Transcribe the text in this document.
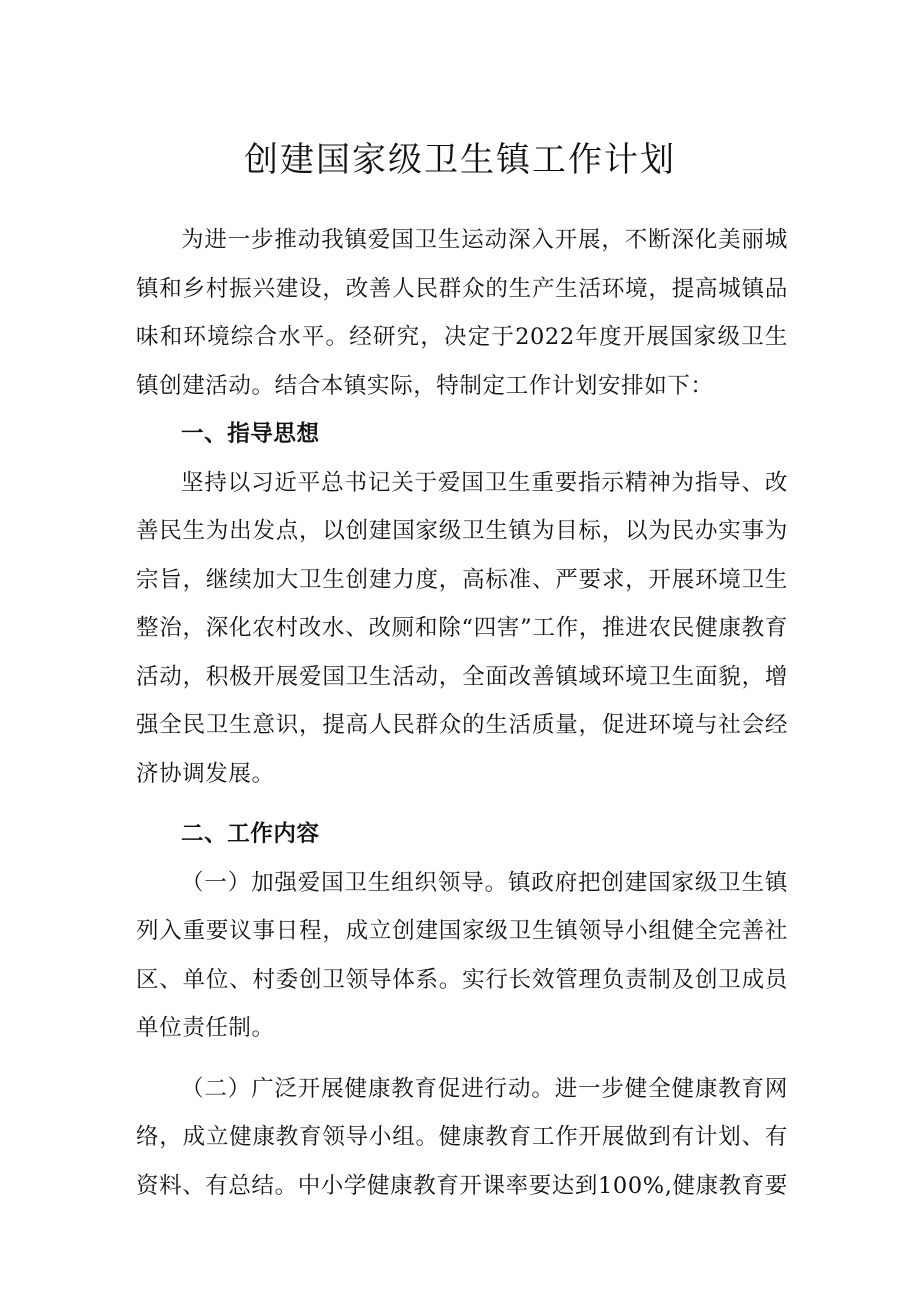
创建国家级卫生镇工作计划

为进一步推动我镇爱国卫生运动深入开展，不断深化美丽城镇和乡村振兴建设，改善人民群众的生产生活环境，提高城镇品味和环境综合水平。经研究，决定于2022年度开展国家级卫生镇创建活动。结合本镇实际，特制定工作计划安排如下：

一、指导思想

坚持以习近平总书记关于爱国卫生重要指示精神为指导、改善民生为出发点，以创建国家级卫生镇为目标，以为民办实事为宗旨，继续加大卫生创建力度，高标准、严要求，开展环境卫生整治，深化农村改水、改厕和除“四害”工作，推进农民健康教育活动，积极开展爱国卫生活动，全面改善镇域环境卫生面貌，增强全民卫生意识，提高人民群众的生活质量，促进环境与社会经济协调发展。

二、工作内容

（一）加强爱国卫生组织领导。镇政府把创建国家级卫生镇列入重要议事日程，成立创建国家级卫生镇领导小组健全完善社区、单位、村委创卫领导体系。实行长效管理负责制及创卫成员单位责任制。

（二）广泛开展健康教育促进行动。进一步健全健康教育网络，成立健康教育领导小组。健康教育工作开展做到有计划、有资料、有总结。中小学健康教育开课率要达到100%,健康教育要
